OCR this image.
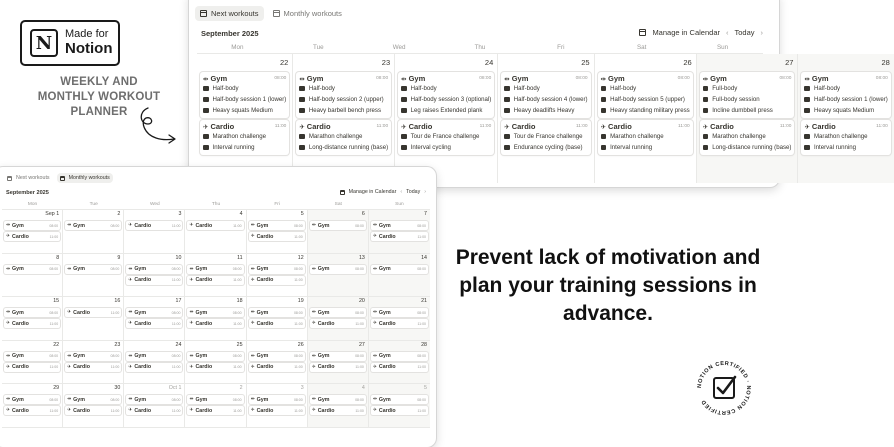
N	Made for
Notion
WEEKLY AND MONTHLY WORKOUT PLANNER
Prevent lack of motivation and plan your training sessions in advance.
NOTION CERTIFIED · NOTION CERTIFIED
Next workouts	Monthly workouts
September 2025	Manage in Calendar ‹ Today ›
Mon	Tue	Wed	Thu	Fri	Sat	Sun
22
⇹ Gym	08:00
Half-body
Half-body session 1 (lower)
Heavy squats Medium
✈ Cardio	11:00
Marathon challenge
Interval running
23
⇹ Gym	08:00
Half-body
Half-body session 2 (upper)
Heavy barbell bench press
✈ Cardio	11:00
Marathon challenge
Long-distance running (base)
24
⇹ Gym	08:00
Half-body
Half-body session 3 (optional)
Leg raises Extended plank
✈ Cardio	11:00
Tour de France challenge
Interval cycling
25
⇹ Gym	08:00
Half-body
Half-body session 4 (lower)
Heavy deadlifts Heavy
✈ Cardio	11:00
Tour de France challenge
Endurance cycling (base)
26
⇹ Gym	08:00
Half-body
Half-body session 5 (upper)
Heavy standing military press
✈ Cardio	11:00
Marathon challenge
Interval running
27
⇹ Gym	08:00
Full-body
Full-body session
Incline dumbbell press
✈ Cardio	11:00
Marathon challenge
Long-distance running (base)
28
⇹ Gym	08:00
Half-body
Half-body session 1 (lower)
Heavy squats Medium
✈ Cardio	11:00
Marathon challenge
Interval running
Next workouts	Monthly workouts
September 2025	Manage in Calendar ‹ Today ›
Mon	Tue	Wed	Thu	Fri	Sat	Sun
Sep 1
⇹ Gym	08:00
✈ Cardio	11:00
2
⇹ Gym	08:00
3
✈ Cardio	11:00
4
✈ Cardio	11:00
5
⇹ Gym	08:00
✈ Cardio	11:00
6
⇹ Gym	08:00
7
⇹ Gym	08:00
✈ Cardio	11:00
8
⇹ Gym	08:00
9
⇹ Gym	08:00
10
⇹ Gym	08:00
✈ Cardio	11:00
11
⇹ Gym	08:00
✈ Cardio	11:00
12
⇹ Gym	08:00
✈ Cardio	11:00
13
⇹ Gym	08:00
14
⇹ Gym	08:00
15
⇹ Gym	08:00
✈ Cardio	11:00
16
✈ Cardio	11:00
17
⇹ Gym	08:00
✈ Cardio	11:00
18
⇹ Gym	08:00
✈ Cardio	11:00
19
⇹ Gym	08:00
✈ Cardio	11:00
20
⇹ Gym	08:00
✈ Cardio	11:00
21
⇹ Gym	08:00
✈ Cardio	11:00
22
⇹ Gym	08:00
✈ Cardio	11:00
23
⇹ Gym	08:00
✈ Cardio	11:00
24
⇹ Gym	08:00
✈ Cardio	11:00
25
⇹ Gym	08:00
✈ Cardio	11:00
26
⇹ Gym	08:00
✈ Cardio	11:00
27
⇹ Gym	08:00
✈ Cardio	11:00
28
⇹ Gym	08:00
✈ Cardio	11:00
29
⇹ Gym	08:00
✈ Cardio	11:00
30
⇹ Gym	08:00
✈ Cardio	11:00
Oct 1
⇹ Gym	08:00
✈ Cardio	11:00
2
⇹ Gym	08:00
✈ Cardio	11:00
3
⇹ Gym	08:00
✈ Cardio	11:00
4
⇹ Gym	08:00
✈ Cardio	11:00
5
⇹ Gym	08:00
✈ Cardio	11:00
